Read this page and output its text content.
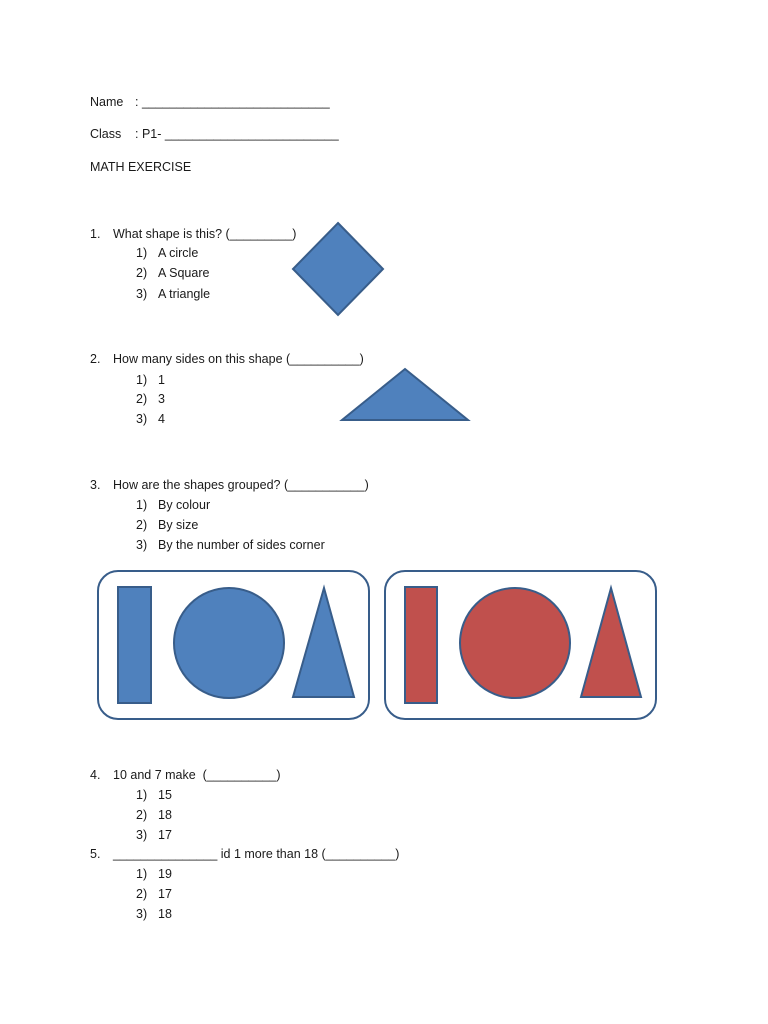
Name : ___________________________
Class : P1- _________________________
MATH EXERCISE
1. What shape is this? (_________)
1) A circle
2) A Square
3) A triangle
2. How many sides on this shape (__________)
1) 1
2) 3
3) 4
3. How are the shapes grouped? (___________)
1) By colour
2) By size
3) By the number of sides corner
4. 10 and 7 make  (__________)
1) 15
2) 18
3) 17
5. _______________ id 1 more than 18 (__________)
1) 19
2) 17
3) 18
